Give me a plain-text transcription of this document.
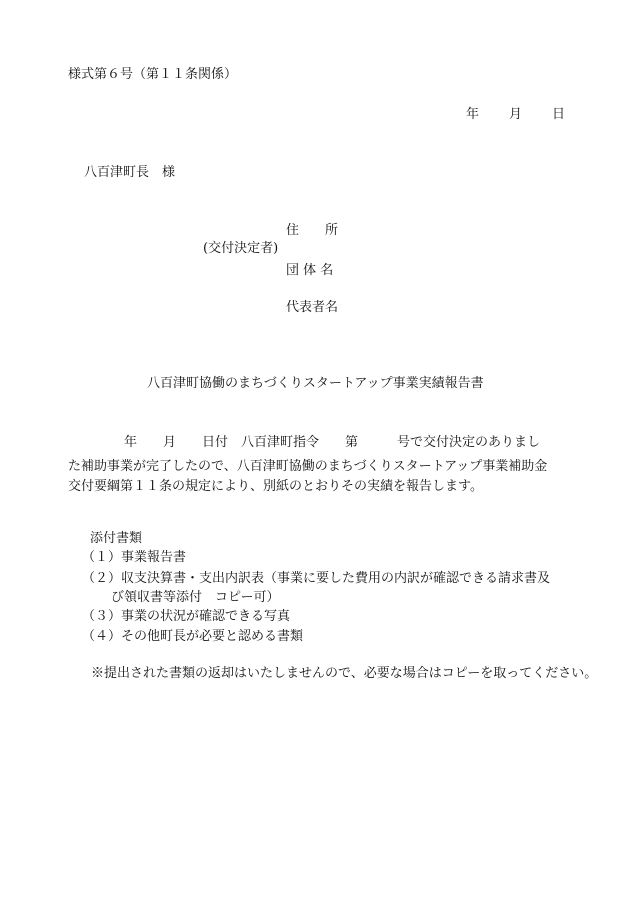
様式第６号（第１１条関係）
年 月 日
八百津町長　様
住　　所
(交付決定者)
団 体 名
代表者名
八百津町協働のまちづくりスタートアップ事業実績報告書
年　　月　　日付　八百津町指令　　第　　　号で交付決定のありまし
た補助事業が完了したので、八百津町協働のまちづくりスタートアップ事業補助金
交付要綱第１１条の規定により、別紙のとおりその実績を報告します。
添付書類
（１）事業報告書
（２）収支決算書・支出内訳表（事業に要した費用の内訳が確認できる請求書及
び領収書等添付　コピー可）
（３）事業の状況が確認できる写真
（４）その他町長が必要と認める書類
※提出された書類の返却はいたしませんので、必要な場合はコピーを取ってください。
